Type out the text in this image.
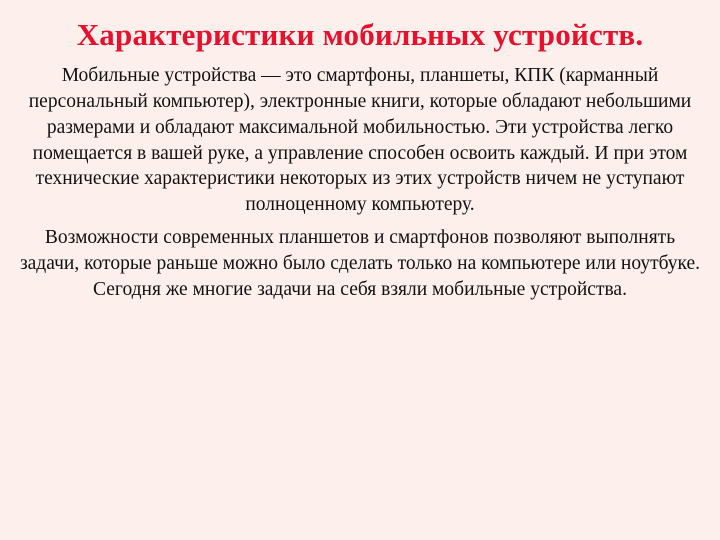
Характеристики мобильных устройств.

Мобильные устройства — это смартфоны, планшеты, КПК (карманный персональный компьютер), электронные книги, которые обладают небольшими размерами и обладают максимальной мобильностью. Эти устройства легко помещается в вашей руке, а управление способен освоить каждый. И при этом технические характеристики некоторых из этих устройств ничем не уступают полноценному компьютеру.

Возможности современных планшетов и смартфонов позволяют выполнять задачи, которые раньше можно было сделать только на компьютере или ноутбуке. Сегодня же многие задачи на себя взяли мобильные устройства.
